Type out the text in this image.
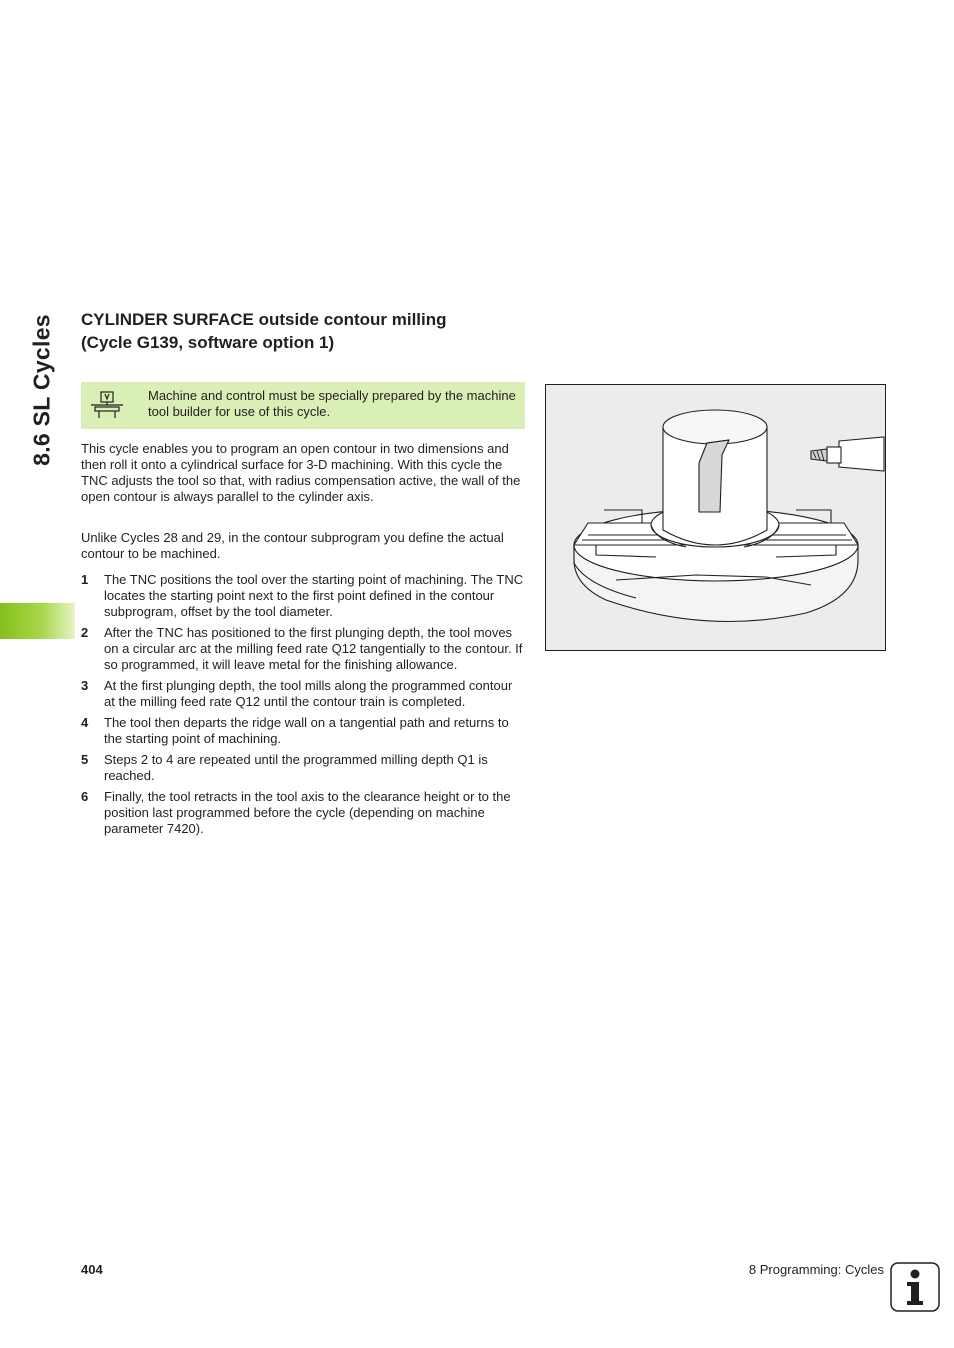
8.6 SL Cycles CYLINDER SURFACE outside contour milling
(Cycle G139, software option 1)
Machine and control must be specially prepared by the machine tool builder for use of this cycle.
This cycle enables you to program an open contour in two dimensions and then roll it onto a cylindrical surface for 3-D machining. With this cycle the TNC adjusts the tool so that, with radius compensation active, the wall of the open contour is always parallel to the cylinder axis.
Unlike Cycles 28 and 29, in the contour subprogram you define the actual contour to be machined.
1	The TNC positions the tool over the starting point of machining. The TNC locates the starting point next to the first point defined in the contour subprogram, offset by the tool diameter.
2	After the TNC has positioned to the first plunging depth, the tool moves on a circular arc at the milling feed rate Q12 tangentially to the contour. If so programmed, it will leave metal for the finishing allowance.
3	At the first plunging depth, the tool mills along the programmed contour at the milling feed rate Q12 until the contour train is completed.
4	The tool then departs the ridge wall on a tangential path and returns to the starting point of machining.
5	Steps 2 to 4 are repeated until the programmed milling depth Q1 is reached.
6	Finally, the tool retracts in the tool axis to the clearance height or to the position last programmed before the cycle (depending on machine parameter 7420).
404	8 Programming: Cycles
